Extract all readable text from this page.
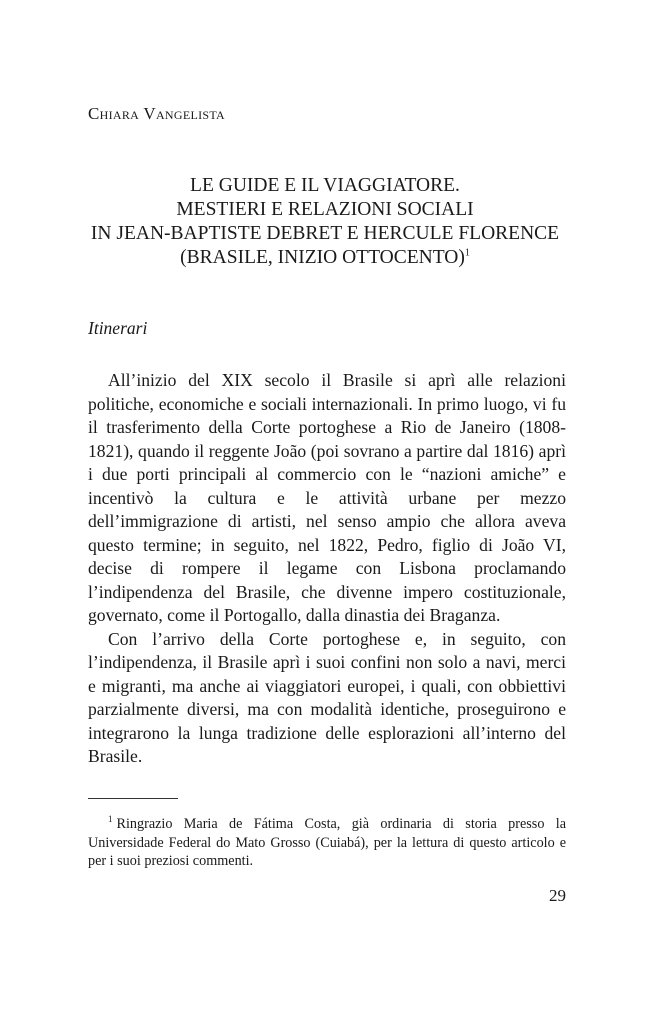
Chiara Vangelista

LE GUIDE E IL VIAGGIATORE.
MESTIERI E RELAZIONI SOCIALI
IN JEAN-BAPTISTE DEBRET E HERCULE FLORENCE
(BRASILE, INIZIO OTTOCENTO)$^1$
Itinerari

All’inizio del XIX secolo il Brasile si aprì alle relazioni politiche, economiche e sociali internazionali. In primo luogo, vi fu il trasferimento della Corte portoghese a Rio de Janeiro (1808-1821), quando il reggente João (poi sovrano a partire dal 1816) aprì i due porti principali al commercio con le “nazioni amiche” e incentivò la cultura e le attività urbane per mezzo dell’immigrazione di artisti, nel senso ampio che allora aveva questo termine; in seguito, nel 1822, Pedro, figlio di João VI, decise di rompere il legame con Lisbona proclamando l’indipendenza del Brasile, che divenne impero costituzionale, governato, come il Portogallo, dalla dinastia dei Braganza.

Con l’arrivo della Corte portoghese e, in seguito, con l’indipendenza, il Brasile aprì i suoi confini non solo a navi, merci e migranti, ma anche ai viaggiatori europei, i quali, con obbiettivi parzialmente diversi, ma con modalità identiche, proseguirono e integrarono la lunga tradizione delle esplorazioni all’interno del Brasile.

$^1$ Ringrazio Maria de Fátima Costa, già ordinaria di storia presso la Universidade Federal do Mato Grosso (Cuiabá), per la lettura di questo articolo e per i suoi preziosi commenti.

29
